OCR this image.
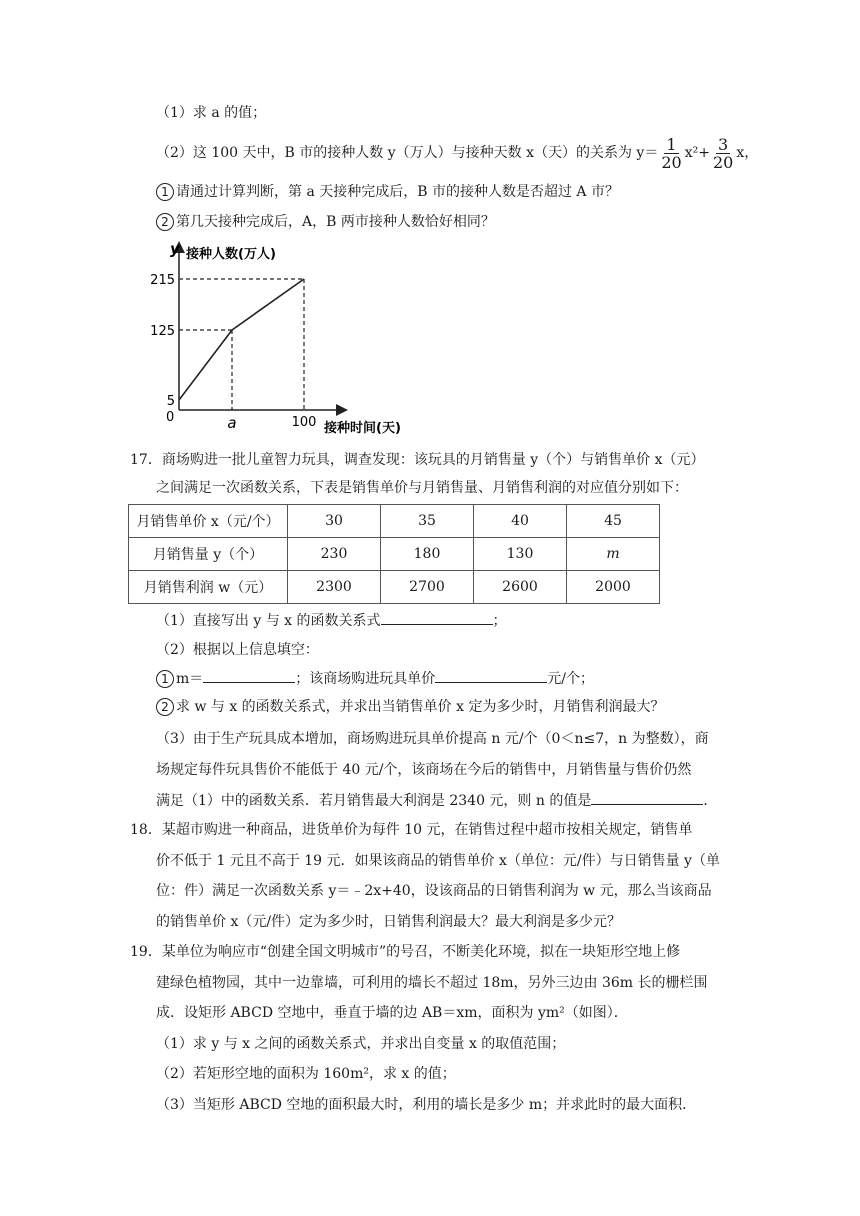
（1）求 a 的值；
（2）这 100 天中，B 市的接种人数 y（万人）与接种天数 x（天）的关系为 $y= \frac{1}{20} x^2+ \frac{3}{20}$ x，
1 请通过计算判断，第 a 天接种完成后，B 市的接种人数是否超过 A 市？
2 第几天接种完成后，A，B 两市接种人数恰好相同？
y 接种人数(万人)
接种时间(天)
0
215
125
5
a	100
17．商场购进一批儿童智力玩具，调查发现：该玩具的月销售量 y（个）与销售单价 x（元）
之间满足一次函数关系，下表是销售单价与月销售量、月销售利润的对应值分别如下：
月销售单价 x（元/个）	30	35	40	45
月销售量 y（个）	230	180	130	m
月销售利润 w（元）	2300	2700	2600	2000
（1）直接写出 y 与 x 的函数关系式	；
（2）根据以上信息填空：
1 m＝	；该商场购进玩具单价	元/个；
2 求 w 与 x 的函数关系式，并求出当销售单价 x 定为多少时，月销售利润最大？
（3）由于生产玩具成本增加，商场购进玩具单价提高 n 元/个（0＜n≤7，n 为整数），商
场规定每件玩具售价不能低于 40 元/个，该商场在今后的销售中，月销售量与售价仍然
满足（1）中的函数关系．若月销售最大利润是 2340 元，则 n 的值是	．
18．某超市购进一种商品，进货单价为每件 10 元，在销售过程中超市按相关规定，销售单
价不低于 1 元且不高于 19 元．如果该商品的销售单价 x（单位：元/件）与日销售量 y（单
位：件）满足一次函数关系 y＝﹣2x+40，设该商品的日销售利润为 w 元，那么当该商品
的销售单价 x（元/件）定为多少时，日销售利润最大？最大利润是多少元？
19．某单位为响应市“创建全国文明城市”的号召，不断美化环境，拟在一块矩形空地上修
建绿色植物园，其中一边靠墙，可利用的墙长不超过 18m，另外三边由 36m 长的栅栏围
成．设矩形 ABCD 空地中，垂直于墙的边 AB＝xm，面积为 ym²（如图）．
（1）求 y 与 x 之间的函数关系式，并求出自变量 x 的取值范围；
（2）若矩形空地的面积为 160m²，求 x 的值；
（3）当矩形 ABCD 空地的面积最大时，利用的墙长是多少 m；并求此时的最大面积．
